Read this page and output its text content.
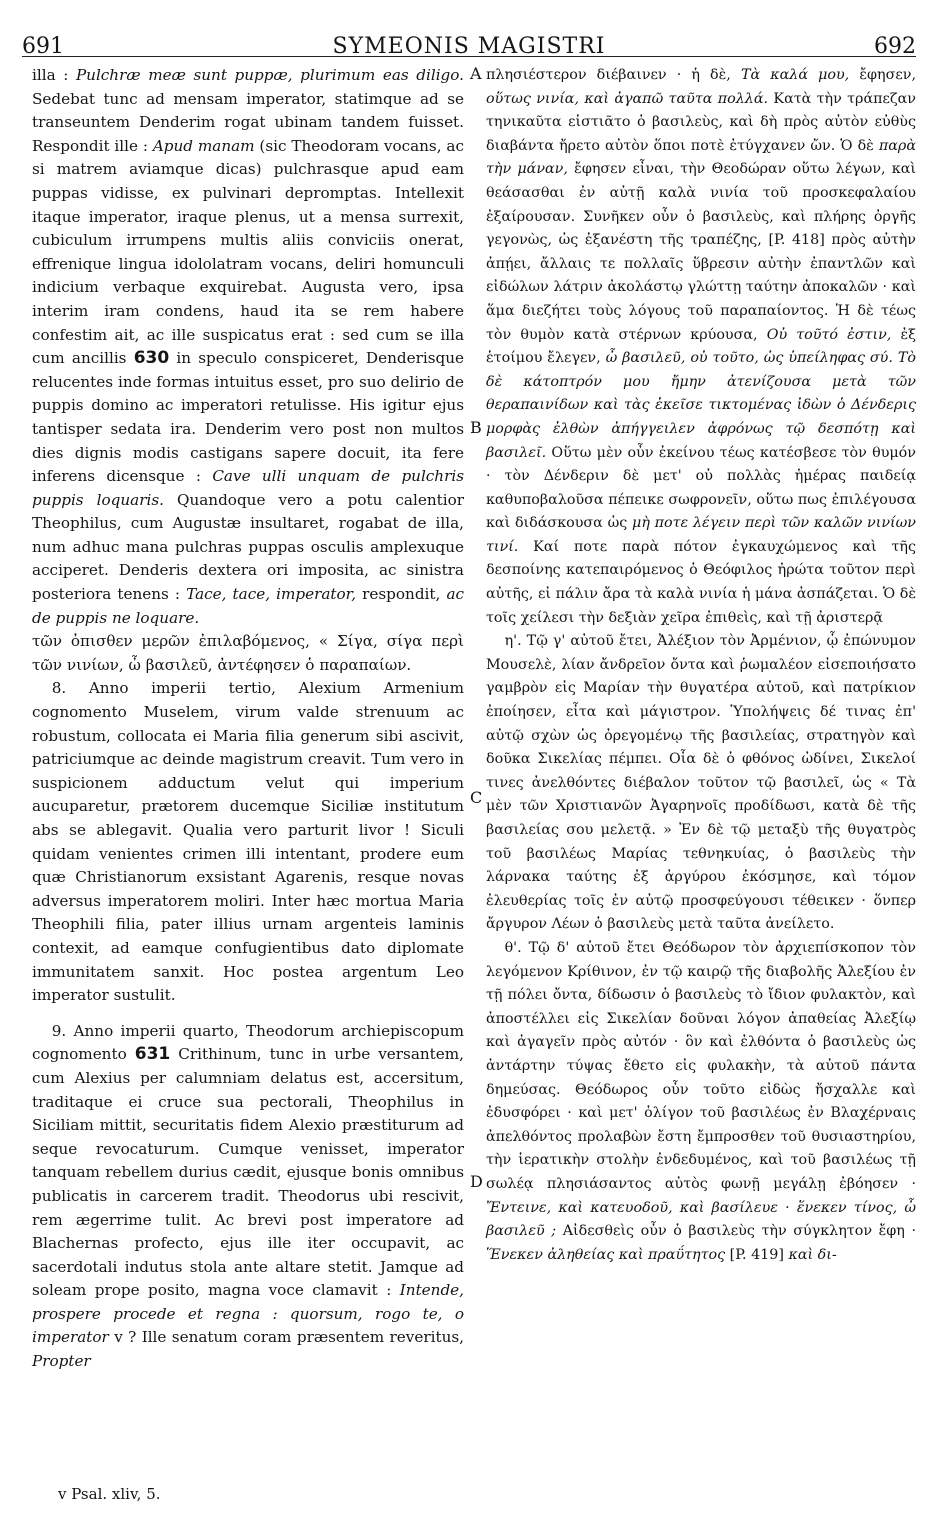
691	SYMEONIS MAGISTRI	692

illa : Pulchræ meæ sunt puppæ, plurimum eas diligo. Sedebat tunc ad mensam imperator, statimque ad se transeuntem Denderim rogat ubinam tandem fuisset. Respondit ille : Apud manam (sic Theodoram vocans, ac si matrem aviamque dicas) pulchrasque apud eam puppas vidisse, ex pulvinari depromptas. Intellexit itaque imperator, iraque plenus, ut a mensa surrexit, cubiculum irrumpens multis aliis conviciis onerat, effrenique lingua idololatram vocans, deliri homunculi indicium verbaque exquirebat. Augusta vero, ipsa interim iram condens, haud ita se rem habere confestim ait, ac ille suspicatus erat : sed cum se illa cum ancillis 630 in speculo conspiceret, Denderisque relucentes inde formas intuitus esset, pro suo delirio de puppis domino ac imperatori retulisse. His igitur ejus tantisper sedata ira. Denderim vero post non multos dies dignis modis castigans sapere docuit, ita fere inferens dicensque : Cave ulli unquam de pulchris puppis loquaris. Quandoque vero a potu calentior Theophilus, cum Augustæ insultaret, rogabat de illa, num adhuc mana pulchras puppas osculis amplexuque acciperet. Denderis dextera ori imposita, ac sinistra posteriora tenens : Tace, tace, imperator, respondit, ac de puppis ne loquare.

τῶν ὀπισθεν μερῶν ἐπιλαβόμενος, « Σίγα, σίγα περὶ τῶν νινίων, ὦ βασιλεῦ, ἀντέφησεν ὁ παραπαίων.

8. Anno imperii tertio, Alexium Armenium cognomento Muselem, virum valde strenuum ac robustum, collocata ei Maria filia generum sibi ascivit, patriciumque ac deinde magistrum creavit. Tum vero in suspicionem adductum velut qui imperium aucuparetur, prætorem ducemque Siciliæ institutum abs se ablegavit. Qualia vero parturit livor ! Siculi quidam venientes crimen illi intentant, prodere eum quæ Christianorum exsistant Agarenis, resque novas adversus imperatorem moliri. Inter hæc mortua Maria Theophili filia, pater illius urnam argenteis laminis contexit, ad eamque confugientibus dato diplomate immunitatem sanxit. Hoc postea argentum Leo imperator sustulit.

9. Anno imperii quarto, Theodorum archiepiscopum cognomento 631 Crithinum, tunc in urbe versantem, cum Alexius per calumniam delatus est, accersitum, traditaque ei cruce sua pectorali, Theophilus in Siciliam mittit, securitatis fidem Alexio præstiturum ad seque revocaturum. Cumque venisset, imperator tanquam rebellem durius cædit, ejusque bonis omnibus publicatis in carcerem tradit. Theodorus ubi rescivit, rem ægerrime tulit. Ac brevi post imperatore ad Blachernas profecto, ejus ille iter occupavit, ac sacerdotali indutus stola ante altare stetit. Jamque ad soleam prope posito, magna voce clamavit : Intende, prospere procede et regna : quorsum, rogo te, o imperator v ? Ille senatum coram præsentem reveritus, Propter

πλησιέστερον διέβαινεν · ἡ δὲ, Τὰ καλά μου, ἔφησεν, οὕτως νινία, καὶ ἀγαπῶ ταῦτα πολλά. Κατὰ τὴν τράπεζαν τηνικαῦτα εἱστιᾶτο ὁ βασιλεὺς, καὶ δὴ πρὸς αὐτὸν εὐθὺς διαβάντα ἤρετο αὐτὸν ὅποι ποτὲ ἐτύγχανεν ὤν. Ὁ δὲ παρὰ τὴν μάναν, ἔφησεν εἶναι, τὴν Θεοδώραν οὕτω λέγων, καὶ θεάσασθαι ἐν αὐτῇ καλὰ νινία τοῦ προσκεφαλαίου ἐξαίρουσαν. Συνῆκεν οὖν ὁ βασιλεὺς, καὶ πλήρης ὀργῆς γεγονὼς, ὡς ἐξανέστη τῆς τραπέζης, [P. 418] πρὸς αὐτὴν ἀπῄει, ἄλλαις τε πολλαῖς ὕβρεσιν αὐτὴν ἐπαντλῶν καὶ εἰδώλων λάτριν ἀκολάστῳ γλώττῃ ταύτην ἀποκαλῶν · καὶ ἅμα διεζήτει τοὺς λόγους τοῦ παραπαίοντος. Ἡ δὲ τέως τὸν θυμὸν κατὰ στέρνων κρύουσα, Οὐ τοῦτό ἐστιν, ἐξ ἑτοίμου ἔλεγεν, ὦ βασιλεῦ, οὐ τοῦτο, ὡς ὑπείληφας σύ. Τὸ δὲ κάτοπτρόν μου ἤμην ἀτενίζουσα μετὰ τῶν θεραπαινίδων καὶ τὰς ἐκεῖσε τικτομένας ἰδὼν ὁ Δένδερις μορφὰς ἐλθὼν ἀπήγγειλεν ἀφρόνως τῷ δεσπότῃ καὶ βασιλεῖ. Οὕτω μὲν οὖν ἐκείνου τέως κατέσβεσε τὸν θυμόν · τὸν Δένδεριν δὲ μετ' οὐ πολλὰς ἡμέρας παιδείᾳ καθυποβαλοῦσα πέπεικε σωφρονεῖν, οὕτω πως ἐπιλέγουσα καὶ διδάσκουσα ὡς μὴ ποτε λέγειν περὶ τῶν καλῶν νινίων τινί. Καί ποτε παρὰ πότον ἐγκαυχώμενος καὶ τῆς δεσποίνης κατεπαιρόμενος ὁ Θεόφιλος ἠρώτα τοῦτον περὶ αὐτῆς, εἰ πάλιν ἄρα τὰ καλὰ νινία ἡ μάνα ἀσπάζεται. Ὁ δὲ τοῖς χείλεσι τὴν δεξιὰν χεῖρα ἐπιθεὶς, καὶ τῇ ἀριστερᾷ

η'. Τῷ γ' αὐτοῦ ἔτει, Ἀλέξιον τὸν Ἀρμένιον, ᾧ ἐπώνυμον Μουσελὲ, λίαν ἄνδρεῖον ὄντα καὶ ῥωμαλέον εἰσεποιήσατο γαμβρὸν εἰς Μαρίαν τὴν θυγατέρα αὐτοῦ, καὶ πατρίκιον ἐποίησεν, εἶτα καὶ μάγιστρον. Ὑπολήψεις δέ τινας ἐπ' αὐτῷ σχὼν ὡς ὀρεγομένῳ τῆς βασιλείας, στρατηγὸν καὶ δοῦκα Σικελίας πέμπει. Οἷα δὲ ὁ φθόνος ὠδίνει, Σικελοί τινες ἀνελθόντες διέβαλον τοῦτον τῷ βασιλεῖ, ὡς « Τὰ μὲν τῶν Χριστιανῶν Ἀγαρηνοῖς προδίδωσι, κατὰ δὲ τῆς βασιλείας σου μελετᾷ. » Ἐν δὲ τῷ μεταξὺ τῆς θυγατρὸς τοῦ βασιλέως Μαρίας τεθνηκυίας, ὁ βασιλεὺς τὴν λάρνακα ταύτης ἐξ ἀργύρου ἐκόσμησε, καὶ τόμον ἐλευθερίας τοῖς ἐν αὐτῷ προσφεύγουσι τέθεικεν · ὅνπερ ἄργυρον Λέων ὁ βασιλεὺς μετὰ ταῦτα ἀνείλετο.

θ'. Τῷ δ' αὐτοῦ ἔτει Θεόδωρον τὸν ἀρχιεπίσκοπον τὸν λεγόμενον Κρίθινον, ἐν τῷ καιρῷ τῆς διαβολῆς Ἀλεξίου ἐν τῇ πόλει ὄντα, δίδωσιν ὁ βασιλεὺς τὸ ἴδιον φυλακτὸν, καὶ ἀποστέλλει εἰς Σικελίαν δοῦναι λόγον ἀπαθείας Ἀλεξίῳ καὶ ἀγαγεῖν πρὸς αὐτόν · ὃν καὶ ἐλθόντα ὁ βασιλεὺς ὡς ἀντάρτην τύψας ἔθετο εἰς φυλακὴν, τὰ αὐτοῦ πάντα δημεύσας. Θεόδωρος οὖν τοῦτο εἰδὼς ἤσχαλλε καὶ ἐδυσφόρει · καὶ μετ' ὀλίγον τοῦ βασιλέως ἐν Βλαχέρναις ἀπελθόντος προλαβὼν ἔστη ἔμπροσθεν τοῦ θυσιαστηρίου, τὴν ἱερατικὴν στολὴν ἐνδεδυμένος, καὶ τοῦ βασιλέως τῇ σωλέᾳ πλησιάσαντος αὐτὸς φωνῇ μεγάλῃ ἐβόησεν · Ἔντεινε, καὶ κατευοδοῦ, καὶ βασίλευε · ἕνεκεν τίνος, ὦ βασιλεῦ ; Αἰδεσθεὶς οὖν ὁ βασιλεὺς τὴν σύγκλητον ἔφη · Ἕνεκεν ἀληθείας καὶ πραΰτητος [P. 419] καὶ δι-

A
B
C
D
v Psal. xliv, 5.
